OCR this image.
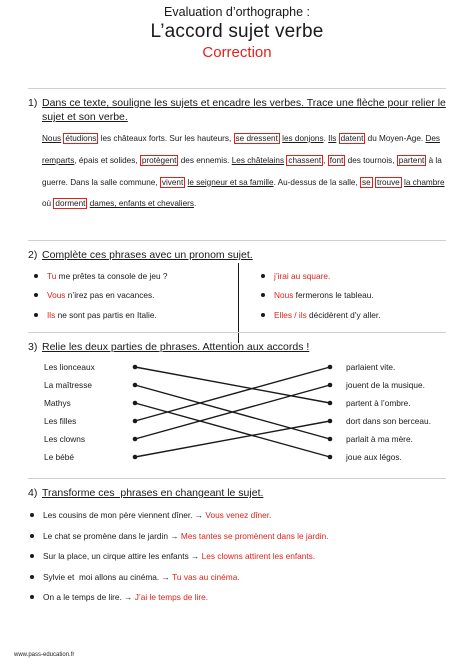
Evaluation d’orthographe :
L’accord sujet verbe
Correction
1) Dans ce texte, souligne les sujets et encadre les verbes. Trace une flèche pour relier le sujet et son verbe.
Nous étudions les châteaux forts. Sur les hauteurs, se dressent les donjons. Ils datent du Moyen-Age. Des remparts, épais et solides, protègent des ennemis. Les châtelains chassent , font des tournois, partent à la guerre. Dans la salle commune, vivent le seigneur et sa famille. Au-dessus de la salle, se trouve la chambre où dorment dames, enfants et chevaliers.
2) Complète ces phrases avec un pronom sujet.
Tu me prêtes ta console de jeu ?
Vous n’irez pas en vacances.
Ils ne sont pas partis en Italie.
j’irai au square.
Nous fermerons le tableau.
Elles / ils décidèrent d’y aller.
3) Relie les deux parties de phrases. Attention aux accords !
Les lionceaux
La maîtresse
Mathys
Les filles
Les clowns
Le bébé
parlaient vite.
jouent de la musique.
partent à l’ombre.
dort dans son berceau.
parlait à ma mère.
joue aux légos.
4) Transforme ces  phrases en changeant le sujet.
Les cousins de mon père viennent dîner. → Vous venez dîner.
Le chat se promène dans le jardin → Mes tantes se promènent dans le jardin.
Sur la place, un cirque attire les enfants → Les clowns attirent les enfants.
Sylvie et  moi allons au cinéma. → Tu vas au cinéma.
On a le temps de lire. → J’ai le temps de lire.
www.pass-education.fr
